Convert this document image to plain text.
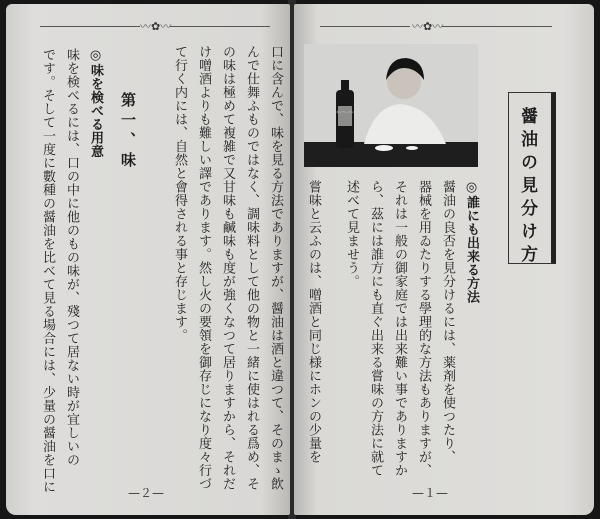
〰✿〰
口に含んで、味を見る方法でありますが、醤油は酒と違つて、そのまゝ飲
んで仕舞ふものではなく、調味料として他の物と一緒に使はれる爲め、そ
の味は極めて複雑で又甘味も鹹味も度が強くなつて居りますから、それだ
け噌酒よりも難しい譯であります。然し火の要領を御存じになり度々行づ
て行く内には、自然と會得される事と存じます。
第一、味
◎味を検べる用意
味を検べるには、口の中に他のもの味が、殘つて居ない時が宜しいの
です。そして一度に數種の醤油を比べて見る場合には、少量の醤油を口に	—２—
〰✿〰
キッコーマン	醤油の見分け方
◎誰にも出来る方法
醤油の良否を見分けるには、薬剤を使つたり、
器械を用ゐたりする學理的な方法もありますが、
それは一般の御家庭では出来難い事でありますか
ら、茲には誰方にも直ぐ出来る嘗味の方法に就て
述べて見ませう。
嘗味と云ふのは、噌酒と同じ様にホンの少量を
—１—
